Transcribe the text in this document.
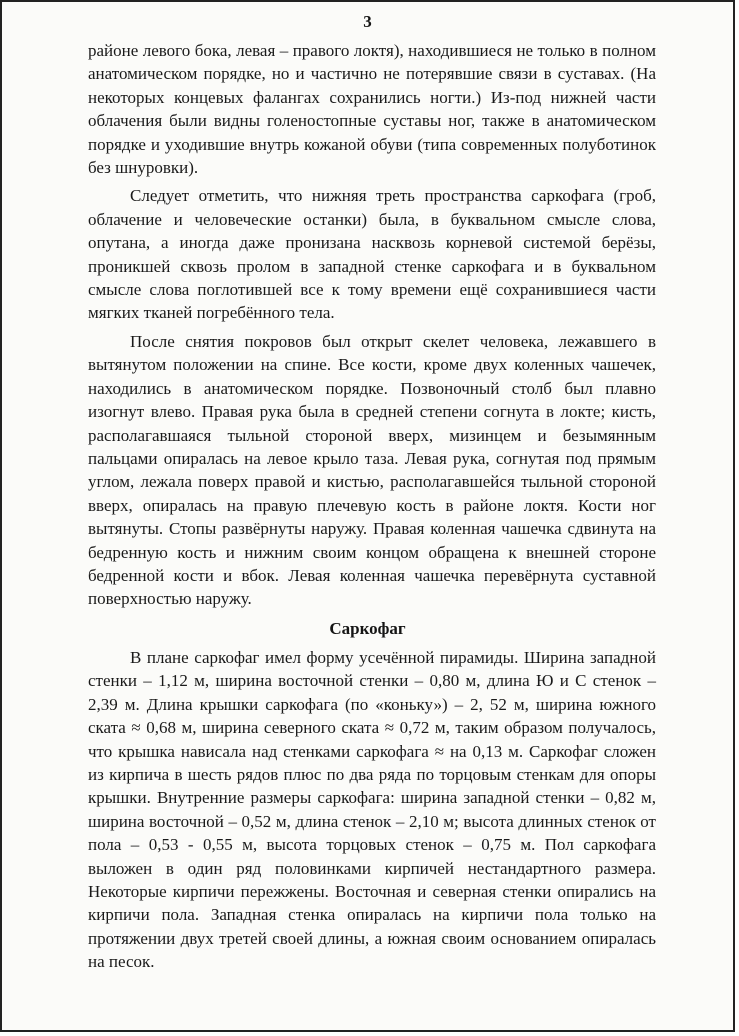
3

районе левого бока, левая – правого локтя), находившиеся не только в полном анатомическом порядке, но и частично не потерявшие связи в суставах. (На некоторых концевых фалангах сохранились ногти.) Из-под нижней части облачения были видны голеностопные суставы ног, также в анатомическом порядке и уходившие внутрь кожаной обуви (типа современных полуботинок без шнуровки).

Следует отметить, что нижняя треть пространства саркофага (гроб, облачение и человеческие останки) была, в буквальном смысле слова, опутана, а иногда даже пронизана насквозь корневой системой берёзы, проникшей сквозь пролом в западной стенке саркофага и в буквальном смысле слова поглотившей все к тому времени ещё сохранившиеся части мягких тканей погребённого тела.

После снятия покровов был открыт скелет человека, лежавшего в вытянутом положении на спине. Все кости, кроме двух коленных чашечек, находились в анатомическом порядке. Позвоночный столб был плавно изогнут влево. Правая рука была в средней степени согнута в локте; кисть, располагавшаяся тыльной стороной вверх, мизинцем и безымянным пальцами опиралась на левое крыло таза. Левая рука, согнутая под прямым углом, лежала поверх правой и кистью, располагавшейся тыльной стороной вверх, опиралась на правую плечевую кость в районе локтя. Кости ног вытянуты. Стопы развёрнуты наружу. Правая коленная чашечка сдвинута на бедренную кость и нижним своим концом обращена к внешней стороне бедренной кости и вбок. Левая коленная чашечка перевёрнута суставной поверхностью наружу.

Саркофаг

В плане саркофаг имел форму усечённой пирамиды. Ширина западной стенки – 1,12 м, ширина восточной стенки – 0,80 м, длина Ю и С стенок – 2,39 м. Длина крышки саркофага (по «коньку») – 2, 52 м, ширина южного ската ≈ 0,68 м, ширина северного ската ≈ 0,72 м, таким образом получалось, что крышка нависала над стенками саркофага ≈ на 0,13 м. Саркофаг сложен из кирпича в шесть рядов плюс по два ряда по торцовым стенкам для опоры крышки. Внутренние размеры саркофага: ширина западной стенки – 0,82 м, ширина восточной – 0,52 м, длина стенок – 2,10 м; высота длинных стенок от пола – 0,53 - 0,55 м, высота торцовых стенок – 0,75 м. Пол саркофага выложен в один ряд половинками кирпичей нестандартного размера. Некоторые кирпичи пережжены. Восточная и северная стенки опирались на кирпичи пола. Западная стенка опиралась на кирпичи пола только на протяжении двух третей своей длины, а южная своим основанием опиралась на песок.
